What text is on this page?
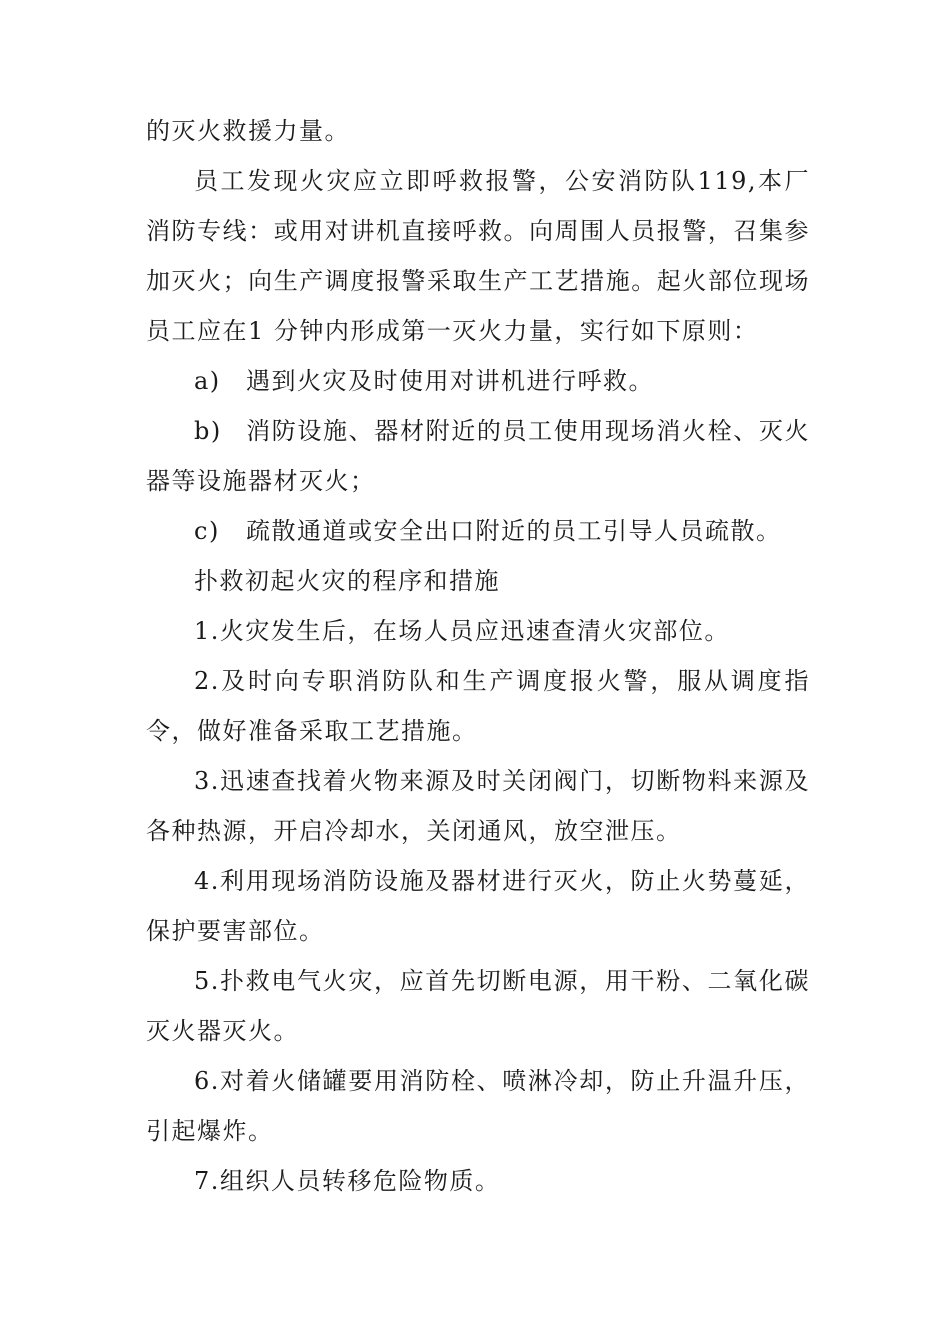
的灭火救援力量。

员工发现火灾应立即呼救报警，公安消防队119,本厂消防专线：或用对讲机直接呼救。向周围人员报警，召集参加灭火；向生产调度报警采取生产工艺措施。起火部位现场员工应在1 分钟内形成第一灭火力量，实行如下原则：

a) 遇到火灾及时使用对讲机进行呼救。

b) 消防设施、器材附近的员工使用现场消火栓、灭火器等设施器材灭火；

c) 疏散通道或安全出口附近的员工引导人员疏散。

扑救初起火灾的程序和措施

1.火灾发生后，在场人员应迅速查清火灾部位。

2.及时向专职消防队和生产调度报火警，服从调度指令，做好准备采取工艺措施。

3.迅速查找着火物来源及时关闭阀门，切断物料来源及各种热源，开启冷却水，关闭通风，放空泄压。

4.利用现场消防设施及器材进行灭火，防止火势蔓延，保护要害部位。

5.扑救电气火灾，应首先切断电源，用干粉、二氧化碳灭火器灭火。

6.对着火储罐要用消防栓、喷淋冷却，防止升温升压，引起爆炸。

7.组织人员转移危险物质。
